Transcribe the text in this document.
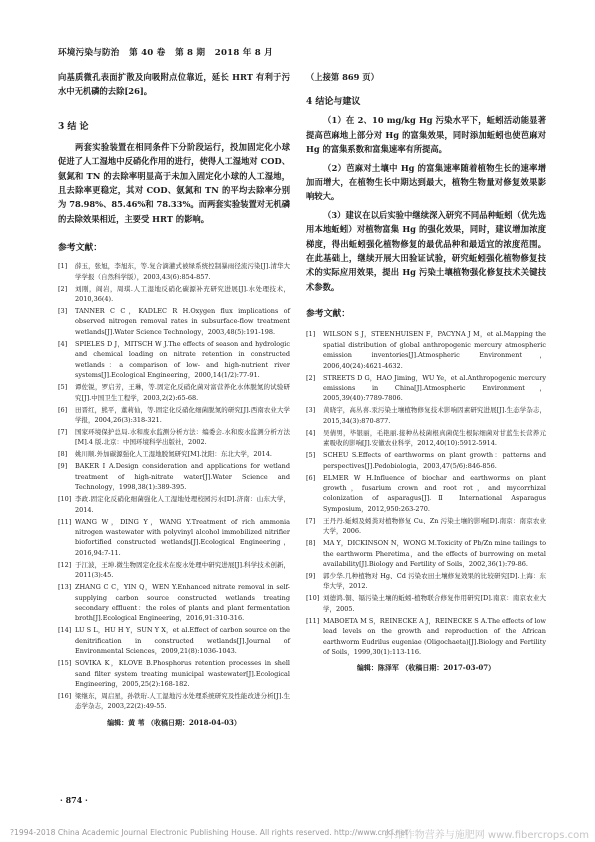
环境污染与防治 第 40 卷 第 8 期 2018 年 8 月

向基质微孔表面扩散及向吸附点位靠近，延长 HRT 有利于污水中无机磷的去除[26]。

3 结 论

两套实验装置在相同条件下分阶段运行，投加固定化小球促进了人工湿地中反硝化作用的进行，使得人工湿地对 COD、氨氮和 TN 的去除率明显高于未加入固定化小球的人工湿地，且去除率更稳定，其对 COD、氨氮和 TN 的平均去除率分别为 78.98%、85.46%和 78.33%。而两套实验装置对无机磷的去除效果相近，主要受 HRT 的影响。

参考文献：

[1]	薛玉，张旭，李旭东，等.复合滴灌式被绿系统控制暴雨径流污染[J].清华大学学报（自然科学版），2003,43(6):854-857.
[2]	刘刚，阎岩，周琪.人工湿地反硝化碳源补充研究进展[J].水处理技术，2010,36(4).
[3]	TANNER C C，KADLEC R H.Oxygen flux implications of observed nitrogen removal rates in subsurface-flow treatment wetlands[J].Water Science Technology，2003,48(5):191-198.
[4]	SPIELES D J，MITSCH W J.The effects of season and hydrologic and chemical loading on nitrate retention in constructed wetlands：a comparison of low- and high-nutrient river systems[J].Ecological Engineering，2000,14(1/2):77-91.
[5]	谭佐锐，罗启芳，王琳，等.固定化反硝化菌对富营养化水体脱氮的试验研究[J].中国卫生工程学，2003,2(2):65-68.
[6]	田晋红，熊平，董莉仙，等.固定化反硝化细菌脱氮的研究[J].西南农业大学学报，2004,26(3):318-321.
[7]	国家环境保护总局.水和废水监测分析方法：编委会.水和废水监测分析方法[M].4 版.北京：中国环境科学出版社，2002.
[8]	姚川顺.外加碳源强化人工湿地脱氮研究[M].沈阳：东北大学，2014.
[9]	BAKER I A.Design consideration and applications for wetland treatment of high-nitrate water[J].Water Science and Technology，1998,38(1):389-395.
[10] 李政.固定化反硝化细菌强化人工湿地处理校园污水[D].济南：山东大学，2014.
[11] WANG W，DING Y，WANG Y.Treatment of rich ammonia nitrogen wastewater with polyvinyl alcohol immobilized nitrifier biofortified constructed wetlands[J].Ecological Engineering，2016,94:7-11.
[12] 于江波，王坤.微生物固定化技术在废水处理中研究进展[J].科学技术创新，2011(3):45.
[13] ZHANG C C，YIN Q，WEN Y.Enhanced nitrate removal in self-supplying carbon source constructed wetlands treating secondary effluent：the roles of plants and plant fermentation broth[J].Ecological Engineering，2016,91:310-316.
[14] LU S L，HU H Y，SUN Y X，et al.Effect of carbon source on the denitrification in constructed wetlands[J].Journal of Environmental Sciences，2009,21(8):1036-1043.
[15] SOVIKA K，KLOVE B.Phosphorus retention processes in shell sand filter system treating municipal wastewater[J].Ecological Engineering，2005,25(2):168-182.
[16] 梁继东，周启星，孙铁珩.人工湿地污水处理系统研究及性能改进分析[J].生态学杂志，2003,22(2):49-55.
编辑：黄 苇 （收稿日期：2018-04-03）

（上接第 869 页）

4 结论与建议

（1）在 2、10 mg/kg Hg 污染水平下，蚯蚓活动能显著提高芭麻地上部分对 Hg 的富集效果，同时添加蚯蚓也使芭麻对 Hg 的富集系数和富集速率有所提高。

（2）芭麻对土壤中 Hg 的富集速率随着植物生长的速率增加而增大，在植物生长中期达到最大，植物生物量对修复效果影响较大。

（3）建议在以后实验中继续深入研究不同品种蚯蚓（优先选用本地蚯蚓）对植物富集 Hg 的强化效果，同时，建议增加浓度梯度，得出蚯蚓强化植物修复的最优品种和最适宜的浓度范围。在此基础上，继续开展大田验证试验，研究蚯蚓强化植物修复技术的实际应用效果，提出 Hg 污染土壤植物强化修复技术关键技术参数。

参考文献：

[1]	WILSON S J，STEENHUISEN F，PACYNA J M，et al.Mapping the spatial distribution of global anthropogenic mercury atmospheric emission inventories[J].Atmospheric Environment，2006,40(24):4621-4632.
[2]	STREETS D G，HAO Jiming，WU Ye，et al.Anthropogenic mercury emissions in China[J].Atmospheric Environment，2005,39(40):7789-7806.
[3]	黄晓宇，高丛喜.汞污染土壤植物修复技术影响因素研究进展[J].生态学杂志，2015,34(3):870-877.
[4]	吴倩男，毕银丽，毛艳丽.接种丛枝菌根真菌促生根际细菌对甘蓝生长营养元素吸收的影响[J].安徽农业科学，2012,40(10):5912-5914.
[5]	SCHEU S.Effects of earthworms on plant growth：patterns and perspectives[J].Pedobiologia，2003,47(5/6):846-856.
[6]	ELMER W H.Influence of biochar and earthworms on plant growth，fusarium crown and root rot，and mycorrhizal colonization of asparagus[J].Ⅱ International Asparagus Symposium，2012,950:263-270.
[7]	王丹丹.蚯蚓及蚓粪对植物修复 Cu、Zn 污染土壤的影响[D].南京：南京农业大学，2006.
[8]	MA Y，DICKINSON N，WONG M.Toxicity of Pb/Zn mine tailings to the earthworm Pheretima，and the effects of burrowing on metal availability[J].Biology and Fertility of Soils，2002,36(1):79-86.
[9]	郭少华.几种植物对 Hg、Cd 污染农田土壤修复效果的比较研究[D].上海：东华大学，2012.
[10] 刘德鸿.铜、镉污染土壤的蚯蚓-植物联合修复作用研究[D].南京：南京农业大学，2005.
[11] MABOETA M S，REINECKE A J，REINECKE S A.The effects of low lead levels on the growth and reproduction of the African earthworm Eudrilus eugeniae (Oligochaeta)[J].Biology and Fertility of Soils，1999,30(1):113-116.
编辑：陈泽军 （收稿日期：2017-03-07）
· 874 ·
?1994-2018 China Academic Journal Electronic Publishing House. All rights reserved. http://www.cnki.net
纤维作物营养与施肥网 www.fibercrops.com
